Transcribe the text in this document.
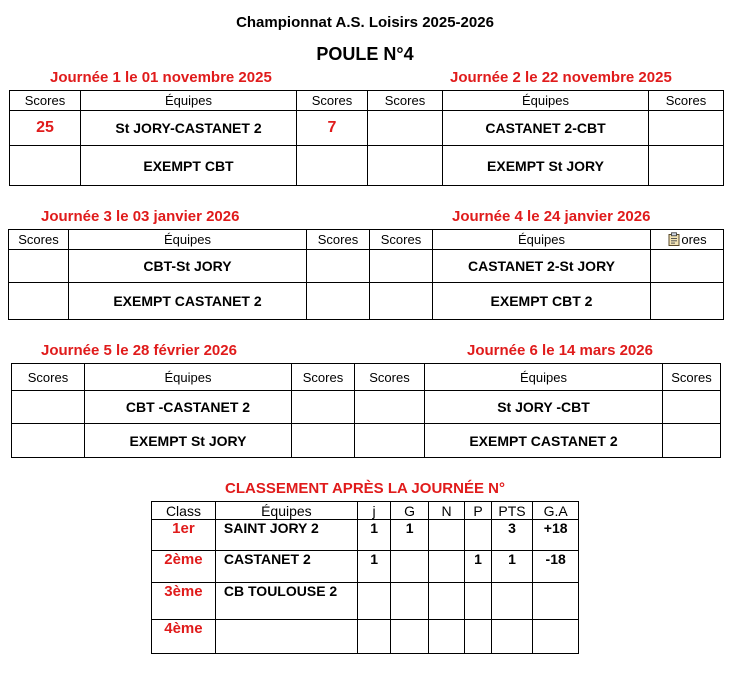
Championnat A.S. Loisirs 2025-2026
POULE N°4
Journée 1 le 01 novembre 2025	Journée 2 le 22 novembre 2025
Scores	Équipes	Scores	Scores	Équipes	Scores
25	St JORY-CASTANET 2	7		CASTANET 2-CBT	
	EXEMPT CBT			EXEMPT St JORY	
Journée 3 le 03 janvier 2026	Journée 4 le 24 janvier 2026
Scores	Équipes	Scores	Scores	Équipes	ores
	CBT-St JORY			CASTANET 2-St JORY	
	EXEMPT CASTANET 2			EXEMPT CBT 2	
Journée 5 le 28 février 2026	Journée 6 le 14 mars 2026
Scores	Équipes	Scores	Scores	Équipes	Scores
	CBT -CASTANET 2			St JORY -CBT	
	EXEMPT St JORY			EXEMPT CASTANET 2	
CLASSEMENT APRÈS LA JOURNÉE N°
Class	Équipes	j	G	N	P	PTS	G.A
1er	SAINT JORY 2	1	1			3	+18
2ème	CASTANET 2	1			1	1	-18
3ème	CB TOULOUSE 2						
4ème							
